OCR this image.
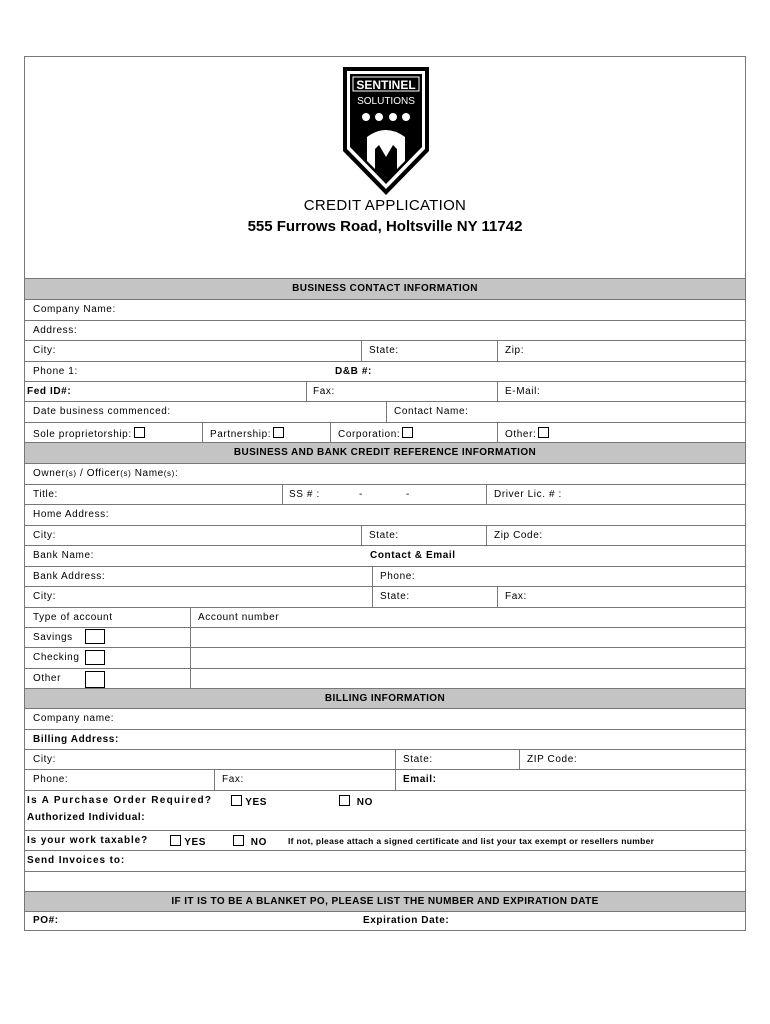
SENTINEL
SOLUTIONS
CREDIT APPLICATION
555 Furrows Road, Holtsville NY 11742
BUSINESS CONTACT INFORMATION
Company Name:
Address:
City:	State:	Zip:
Phone 1:	D&B #:
Fed ID#:	Fax:	E-Mail:
Date business commenced:	Contact Name:
Sole proprietorship:	Partnership:	Corporation:	Other:
BUSINESS AND BANK CREDIT REFERENCE INFORMATION
Owner(s) / Officer(s) Name(s):
Title:	SS # :	-	-	Driver Lic. # :
Home Address:
City:	State:	Zip Code:
Bank Name:	Contact & Email
Bank Address:	Phone:
City:	State:	Fax:
Type of account	Account number
Savings
Checking
Other
BILLING INFORMATION
Company name:
Billing Address:
City:	State:	ZIP Code:
Phone:	Fax:	Email:
Is A Purchase Order Required?	YES	NO
Authorized Individual:
Is your work taxable?	YES	NO If not, please attach a signed certificate and list your tax exempt or resellers number
Send Invoices to:
IF IT IS TO BE A BLANKET PO, PLEASE LIST THE NUMBER AND EXPIRATION DATE
PO#:	Expiration Date:
